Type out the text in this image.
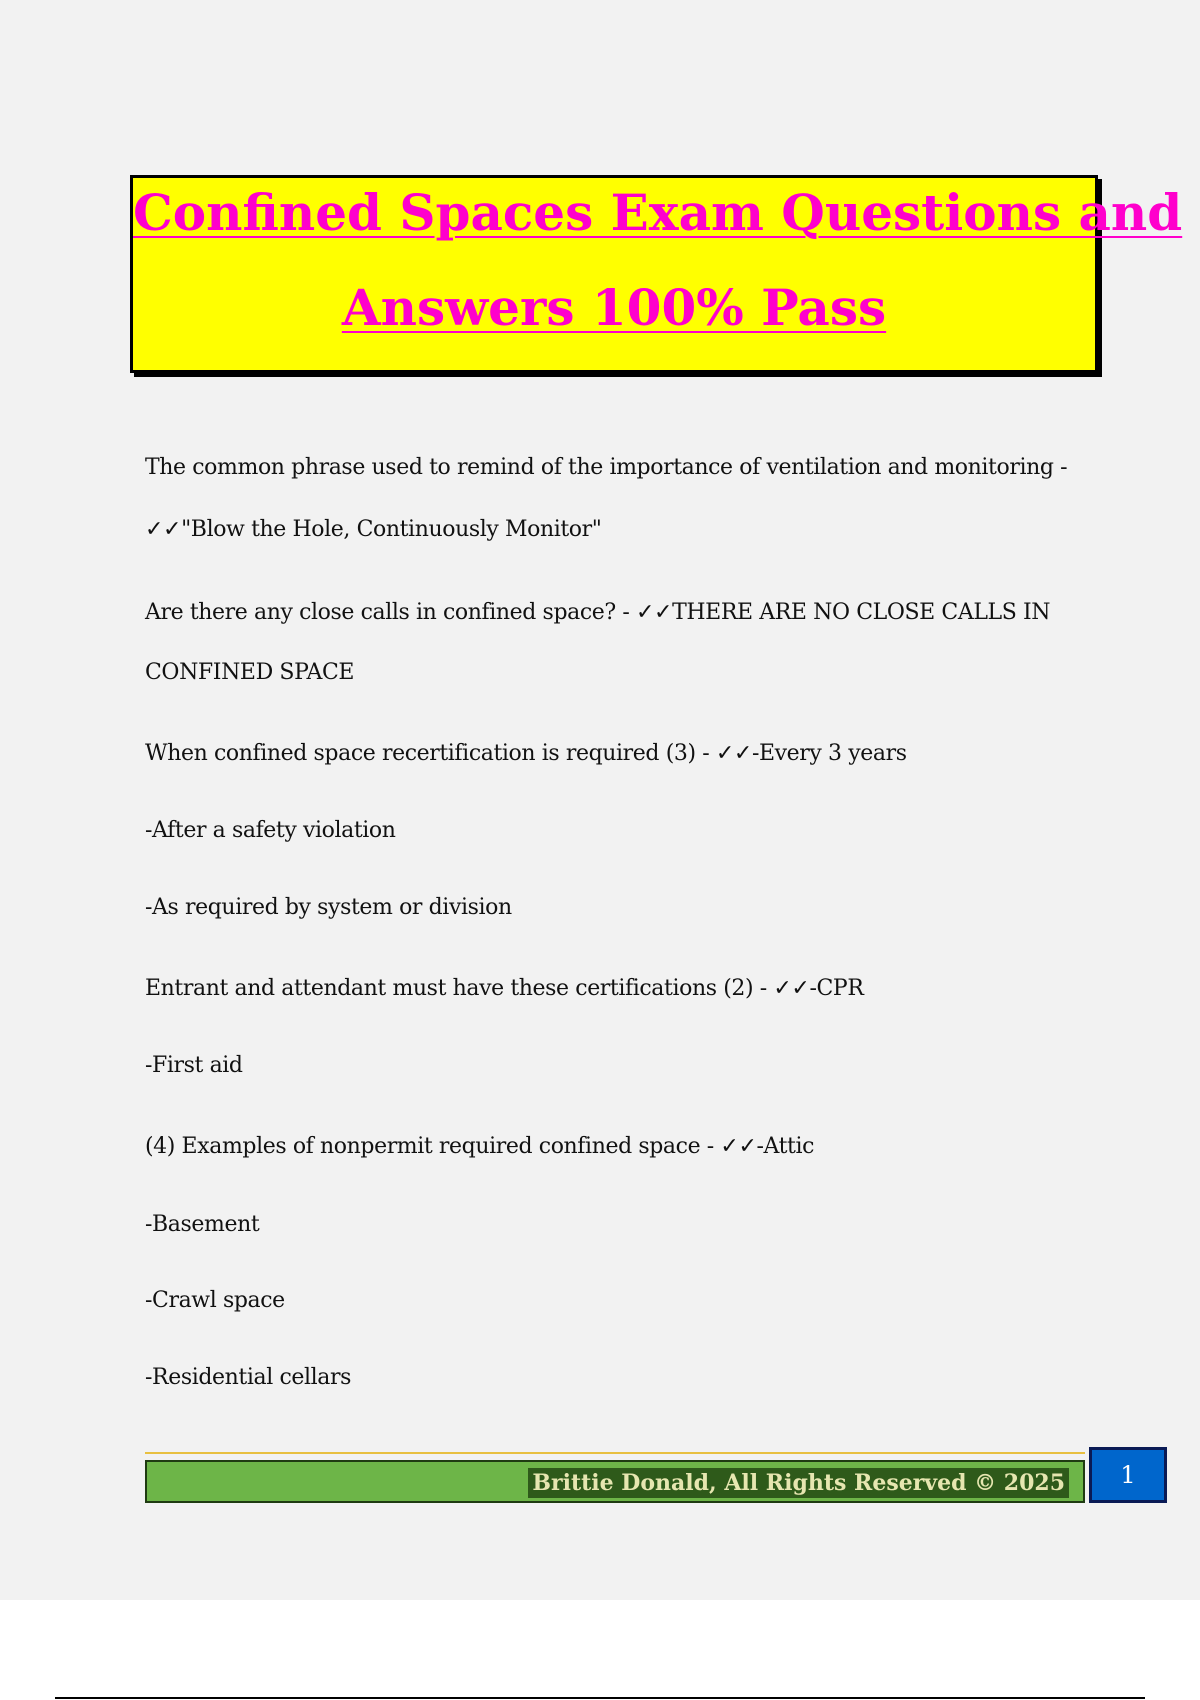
Confined Spaces Exam Questions and
Answers 100% Pass
The common phrase used to remind of the importance of ventilation and monitoring -
✓✓"Blow the Hole, Continuously Monitor"
Are there any close calls in confined space? - ✓✓THERE ARE NO CLOSE CALLS IN
CONFINED SPACE
When confined space recertification is required (3) - ✓✓-Every 3 years
-After a safety violation
-As required by system or division
Entrant and attendant must have these certifications (2) - ✓✓-CPR
-First aid
(4) Examples of nonpermit required confined space - ✓✓-Attic
-Basement
-Crawl space
-Residential cellars
Brittie Donald, All Rights Reserved © 2025	1
